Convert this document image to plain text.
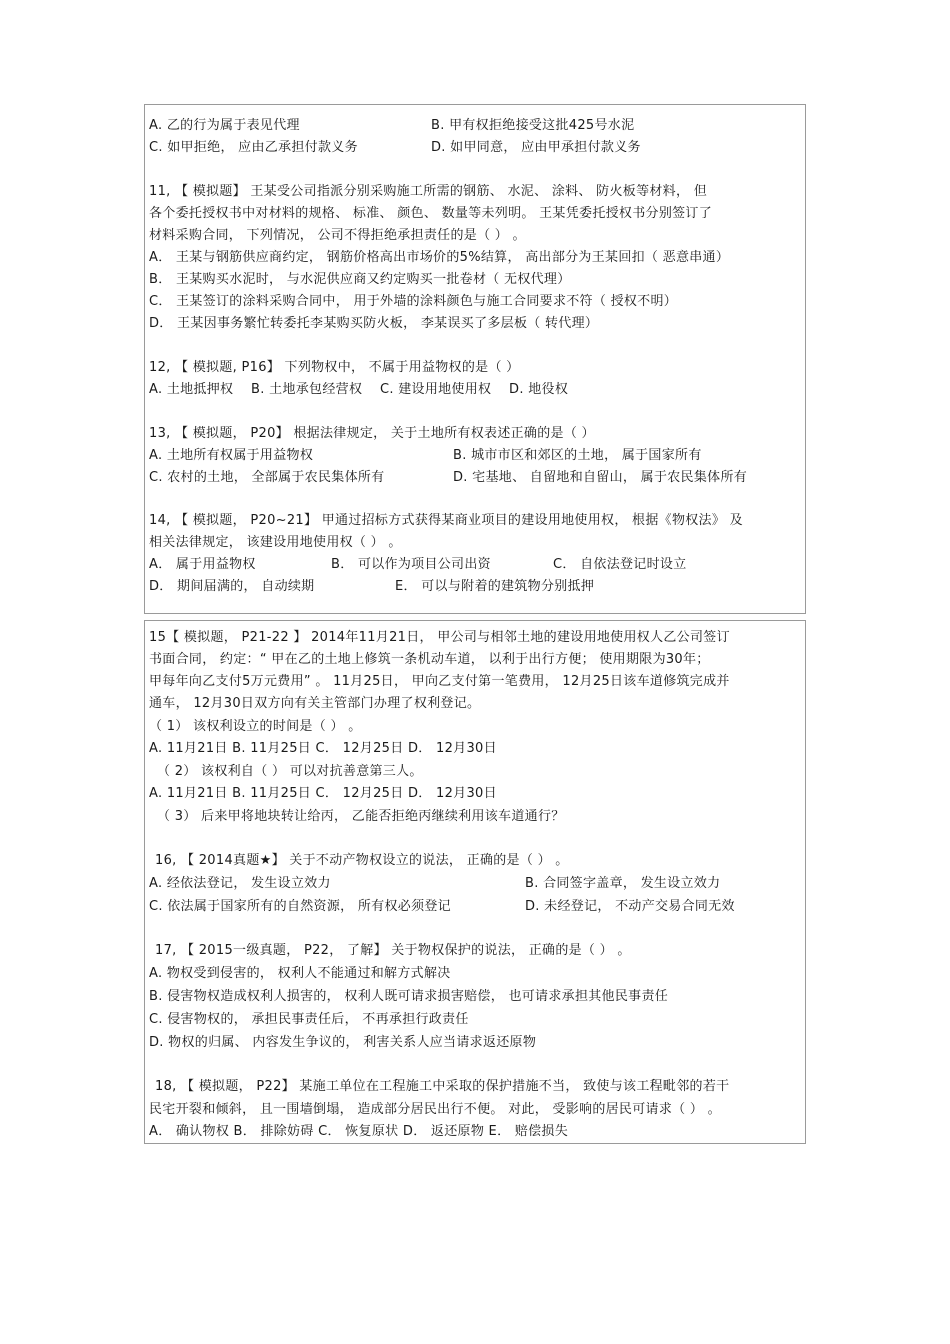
A. 乙的行为属于表见代理	B. 甲有权拒绝接受这批425号水泥
C. 如甲拒绝， 应由乙承担付款义务	D. 如甲同意， 应由甲承担付款义务
11, 【 模拟题】 王某受公司指派分别采购施工所需的钢筋、 水泥、 涂料、 防火板等材料， 但
各个委托授权书中对材料的规格、 标准、 颜色、 数量等未列明。 王某凭委托授权书分别签订了
材料采购合同， 下列情况， 公司不得拒绝承担责任的是（ ） 。
A． 王某与钢筋供应商约定， 钢筋价格高出市场价的5%结算， 高出部分为王某回扣（ 恶意串通）
B． 王某购买水泥时， 与水泥供应商又约定购买一批卷材（ 无权代理）
C． 王某签订的涂料采购合同中， 用于外墙的涂料颜色与施工合同要求不符（ 授权不明）
D． 王某因事务繁忙转委托李某购买防火板， 李某误买了多层板（ 转代理）
12, 【 模拟题, P16】 下列物权中， 不属于用益物权的是（ ）
A. 土地抵押权    B. 土地承包经营权    C. 建设用地使用权    D. 地役权
13, 【 模拟题， P20】 根据法律规定， 关于土地所有权表述正确的是（ ）
A. 土地所有权属于用益物权	B. 城市市区和郊区的土地， 属于国家所有
C. 农村的土地， 全部属于农民集体所有	D. 宅基地、 自留地和自留山， 属于农民集体所有
14, 【 模拟题， P20~21】 甲通过招标方式获得某商业项目的建设用地使用权， 根据《物权法》 及
相关法律规定， 该建设用地使用权（ ） 。
A． 属于用益物权	B． 可以作为项目公司出资	C． 自依法登记时设立
D． 期间届满的， 自动续期	E． 可以与附着的建筑物分别抵押
15【 模拟题， P21-22 】 2014年11月21日， 甲公司与相邻土地的建设用地使用权人乙公司签订
书面合同， 约定：“ 甲在乙的土地上修筑一条机动车道， 以利于出行方便； 使用期限为30年；
甲每年向乙支付5万元费用” 。 11月25日， 甲向乙支付第一笔费用， 12月25日该车道修筑完成并
通车， 12月30日双方向有关主管部门办理了权利登记。
（ 1） 该权利设立的时间是（ ） 。
A. 11月21日 B. 11月25日 C． 12月25日 D． 12月30日
（ 2） 该权利自（ ） 可以对抗善意第三人。
A. 11月21日 B. 11月25日 C． 12月25日 D． 12月30日
（ 3） 后来甲将地块转让给丙， 乙能否拒绝丙继续利用该车道通行？
16, 【 2014真题★】 关于不动产物权设立的说法， 正确的是（ ） 。
A. 经依法登记， 发生设立效力	B. 合同签字盖章， 发生设立效力
C. 依法属于国家所有的自然资源， 所有权必须登记	D. 未经登记， 不动产交易合同无效
17, 【 2015一级真题， P22， 了解】 关于物权保护的说法， 正确的是（ ） 。
A. 物权受到侵害的， 权利人不能通过和解方式解决
B. 侵害物权造成权利人损害的， 权利人既可请求损害赔偿， 也可请求承担其他民事责任
C. 侵害物权的， 承担民事责任后， 不再承担行政责任
D. 物权的归属、 内容发生争议的， 利害关系人应当请求返还原物
18, 【 模拟题， P22】 某施工单位在工程施工中采取的保护措施不当， 致使与该工程毗邻的若干
民宅开裂和倾斜， 且一围墙倒塌， 造成部分居民出行不便。 对此， 受影响的居民可请求（ ） 。
A． 确认物权 B． 排除妨碍 C． 恢复原状 D． 返还原物 E． 赔偿损失
